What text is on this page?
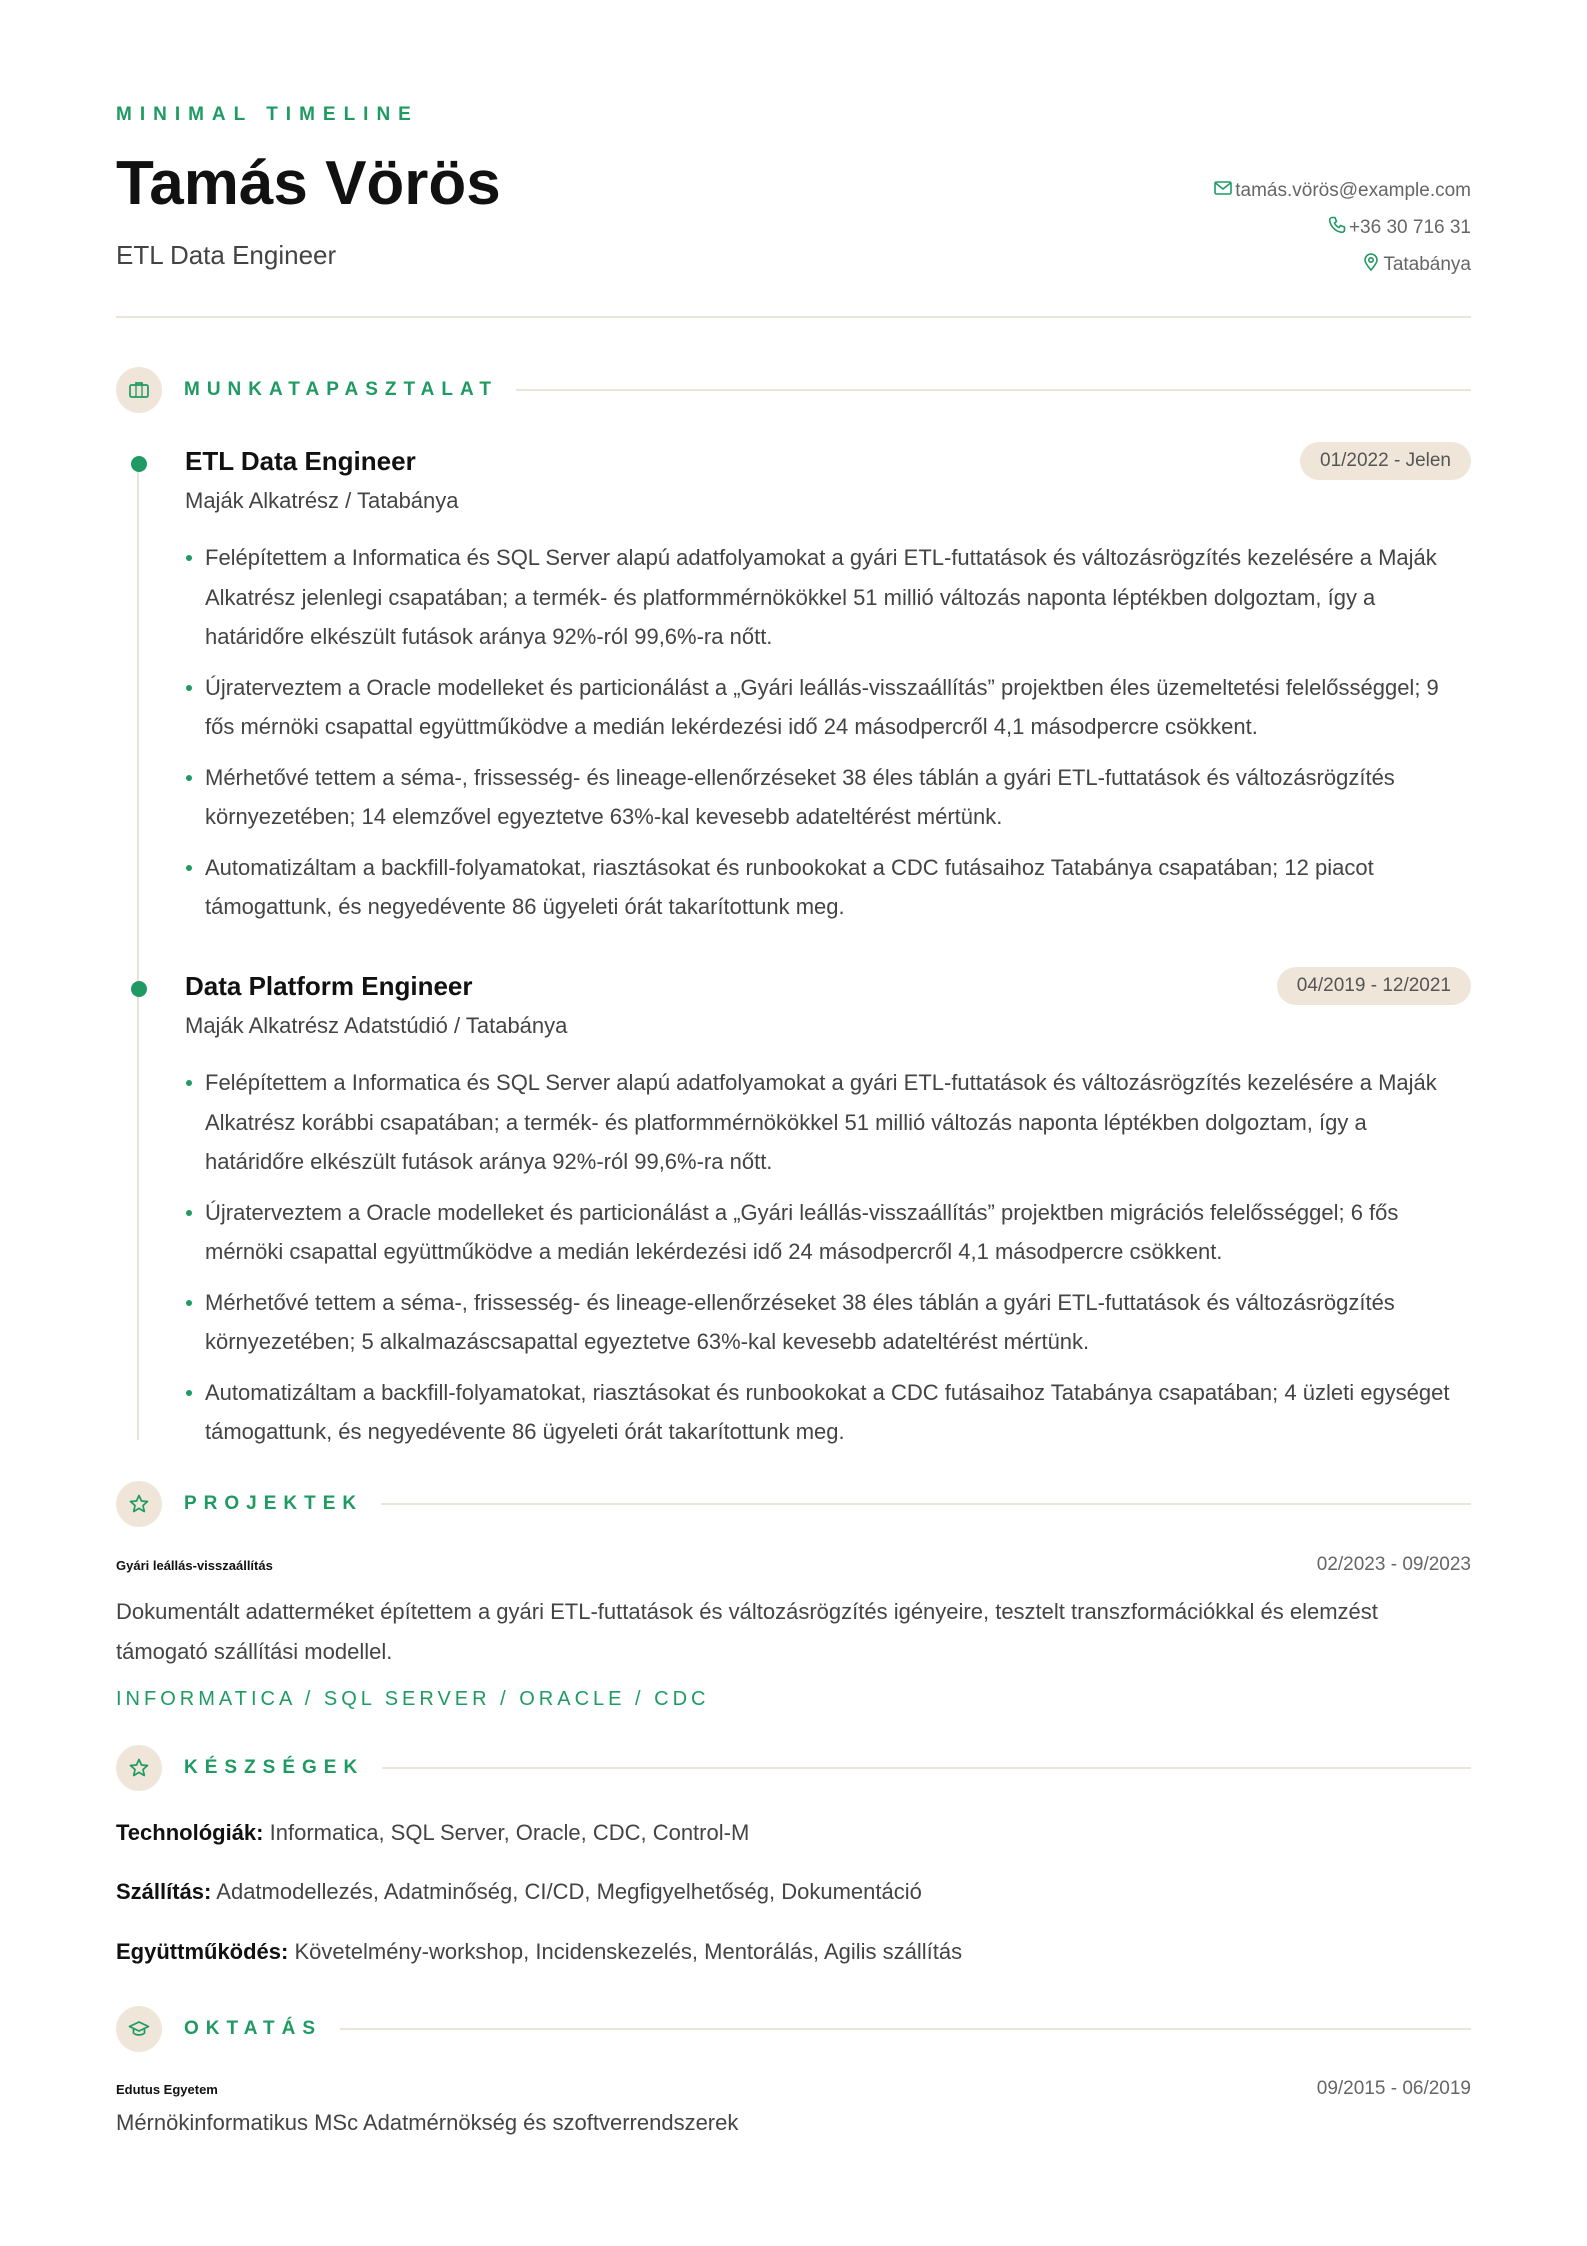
MINIMAL TIMELINE
Tamás Vörös
ETL Data Engineer
tamás.vörös@example.com
+36 30 716 31
Tatabánya
MUNKATAPASZTALAT
ETL Data Engineer	01/2022 - Jelen
Maják Alkatrész / Tatabánya
Felépítettem a Informatica és SQL Server alapú adatfolyamokat a gyári ETL-futtatások és változásrögzítés kezelésére a Maják Alkatrész jelenlegi csapatában; a termék- és platformmérnökökkel 51 millió változás naponta léptékben dolgoztam, így a határidőre elkészült futások aránya 92%-ról 99,6%-ra nőtt.
Újraterveztem a Oracle modelleket és particionálást a „Gyári leállás-visszaállítás” projektben éles üzemeltetési felelősséggel; 9 fős mérnöki csapattal együttműködve a medián lekérdezési idő 24 másodpercről 4,1 másodpercre csökkent.
Mérhetővé tettem a séma-, frissesség- és lineage-ellenőrzéseket 38 éles táblán a gyári ETL-futtatások és változásrögzítés környezetében; 14 elemzővel egyeztetve 63%-kal kevesebb adateltérést mértünk.
Automatizáltam a backfill-folyamatokat, riasztásokat és runbookokat a CDC futásaihoz Tatabánya csapatában; 12 piacot támogattunk, és negyedévente 86 ügyeleti órát takarítottunk meg.
Data Platform Engineer	04/2019 - 12/2021
Maják Alkatrész Adatstúdió / Tatabánya
Felépítettem a Informatica és SQL Server alapú adatfolyamokat a gyári ETL-futtatások és változásrögzítés kezelésére a Maják Alkatrész korábbi csapatában; a termék- és platformmérnökökkel 51 millió változás naponta léptékben dolgoztam, így a határidőre elkészült futások aránya 92%-ról 99,6%-ra nőtt.
Újraterveztem a Oracle modelleket és particionálást a „Gyári leállás-visszaállítás” projektben migrációs felelősséggel; 6 fős mérnöki csapattal együttműködve a medián lekérdezési idő 24 másodpercről 4,1 másodpercre csökkent.
Mérhetővé tettem a séma-, frissesség- és lineage-ellenőrzéseket 38 éles táblán a gyári ETL-futtatások és változásrögzítés környezetében; 5 alkalmazáscsapattal egyeztetve 63%-kal kevesebb adateltérést mértünk.
Automatizáltam a backfill-folyamatokat, riasztásokat és runbookokat a CDC futásaihoz Tatabánya csapatában; 4 üzleti egységet támogattunk, és negyedévente 86 ügyeleti órát takarítottunk meg.
PROJEKTEK
Gyári leállás-visszaállítás	02/2023 - 09/2023

Dokumentált adatterméket építettem a gyári ETL-futtatások és változásrögzítés igényeire, tesztelt transzformációkkal és elemzést támogató szállítási modellel.

INFORMATICA / SQL SERVER / ORACLE / CDC
KÉSZSÉGEK
Technológiák: Informatica, SQL Server, Oracle, CDC, Control-M
Szállítás: Adatmodellezés, Adatminőség, CI/CD, Megfigyelhetőség, Dokumentáció
Együttműködés: Követelmény-workshop, Incidenskezelés, Mentorálás, Agilis szállítás
OKTATÁS
Edutus Egyetem	09/2015 - 06/2019
Mérnökinformatikus MSc Adatmérnökség és szoftverrendszerek
